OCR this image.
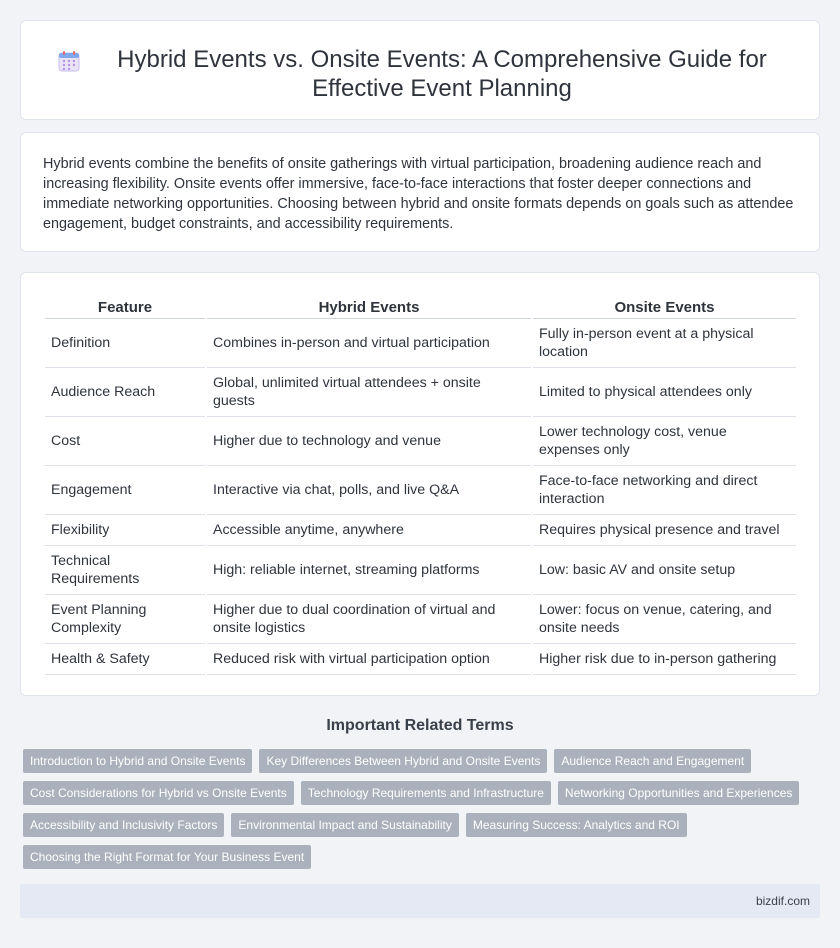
Hybrid Events vs. Onsite Events: A Comprehensive Guide for Effective Event Planning

Hybrid events combine the benefits of onsite gatherings with virtual participation, broadening audience reach and increasing flexibility. Onsite events offer immersive, face-to-face interactions that foster deeper connections and immediate networking opportunities. Choosing between hybrid and onsite formats depends on goals such as attendee engagement, budget constraints, and accessibility requirements.

Feature	Hybrid Events	Onsite Events
Definition	Combines in-person and virtual participation	Fully in-person event at a physical location
Audience Reach	Global, unlimited virtual attendees + onsite guests	Limited to physical attendees only
Cost	Higher due to technology and venue	Lower technology cost, venue expenses only
Engagement	Interactive via chat, polls, and live Q&A	Face-to-face networking and direct interaction
Flexibility	Accessible anytime, anywhere	Requires physical presence and travel
Technical Requirements	High: reliable internet, streaming platforms	Low: basic AV and onsite setup
Event Planning Complexity	Higher due to dual coordination of virtual and onsite logistics	Lower: focus on venue, catering, and onsite needs
Health & Safety	Reduced risk with virtual participation option	Higher risk due to in-person gathering
Important Related Terms
Introduction to Hybrid and Onsite Events	Key Differences Between Hybrid and Onsite Events	Audience Reach and Engagement
Cost Considerations for Hybrid vs Onsite Events	Technology Requirements and Infrastructure	Networking Opportunities and Experiences
Accessibility and Inclusivity Factors	Environmental Impact and Sustainability	Measuring Success: Analytics and ROI
Choosing the Right Format for Your Business Event
bizdif.com
